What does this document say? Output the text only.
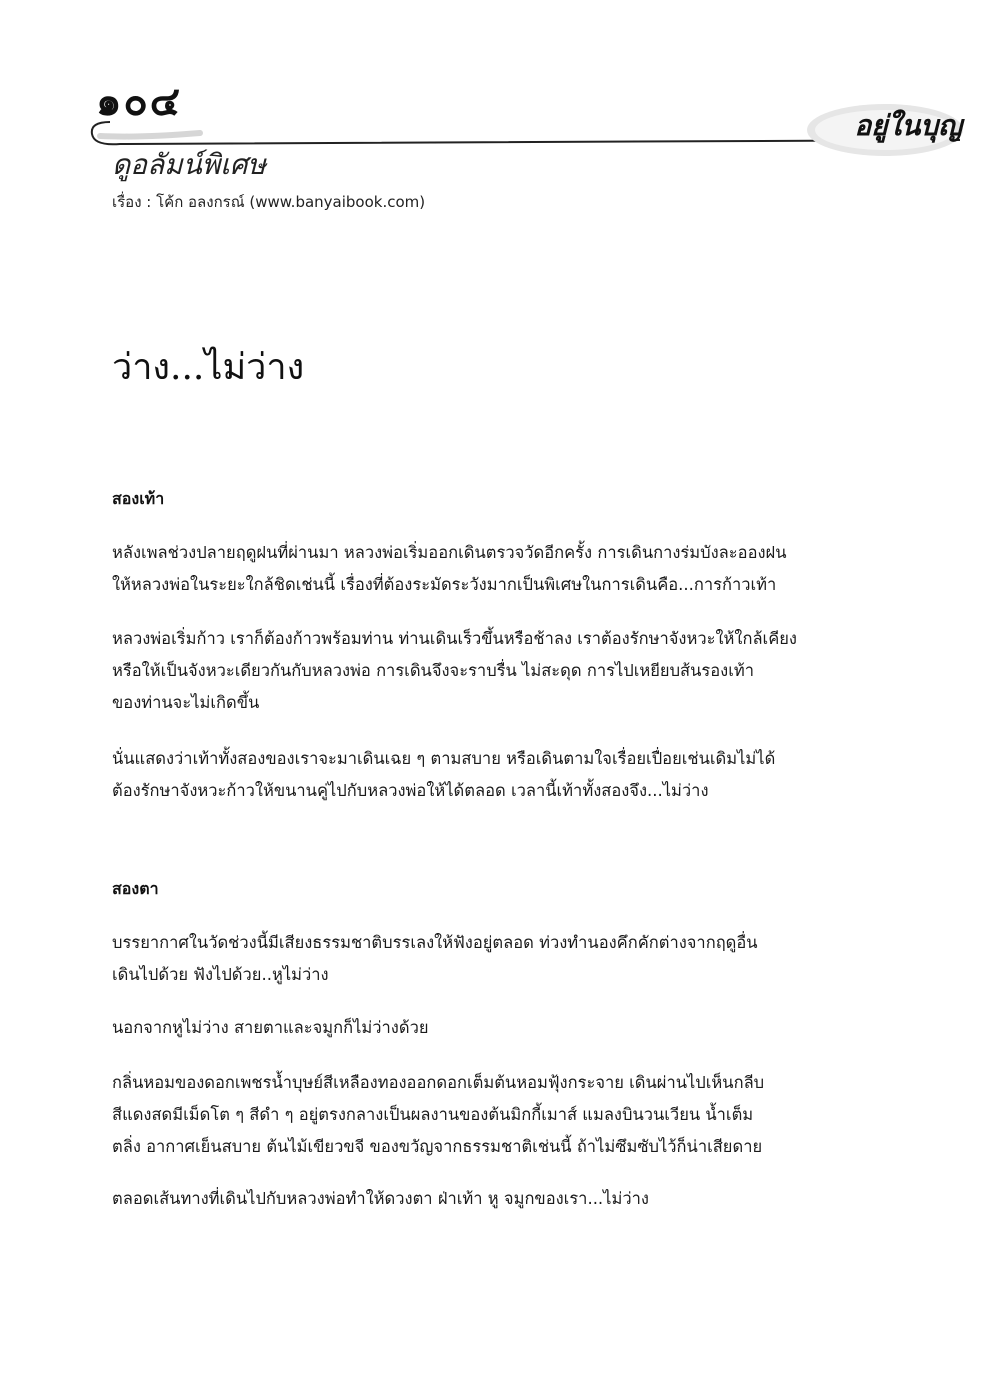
๑๐๔
อยู่ในบุญ
ดูอลัมน์พิเศษ
เรื่อง : โค้ก อลงกรณ์ (www.banyaibook.com)
ว่าง...ไม่ว่าง
สองเท้า
หลังเพลช่วงปลายฤดูฝนที่ผ่านมา หลวงพ่อเริ่มออกเดินตรวจวัดอีกครั้ง การเดินกางร่มบังละอองฝน
ให้หลวงพ่อในระยะใกล้ชิดเช่นนี้ เรื่องที่ต้องระมัดระวังมากเป็นพิเศษในการเดินคือ...การก้าวเท้า
หลวงพ่อเริ่มก้าว เราก็ต้องก้าวพร้อมท่าน ท่านเดินเร็วขึ้นหรือช้าลง เราต้องรักษาจังหวะให้ใกล้เคียง
หรือให้เป็นจังหวะเดียวกันกับหลวงพ่อ การเดินจึงจะราบรื่น ไม่สะดุด การไปเหยียบส้นรองเท้า
ของท่านจะไม่เกิดขึ้น
นั่นแสดงว่าเท้าทั้งสองของเราจะมาเดินเฉย ๆ ตามสบาย หรือเดินตามใจเรื่อยเปื่อยเช่นเดิมไม่ได้
ต้องรักษาจังหวะก้าวให้ขนานคู่ไปกับหลวงพ่อให้ได้ตลอด เวลานี้เท้าทั้งสองจึง...ไม่ว่าง
สองตา
บรรยากาศในวัดช่วงนี้มีเสียงธรรมชาติบรรเลงให้ฟังอยู่ตลอด ท่วงทำนองคึกคักต่างจากฤดูอื่น
เดินไปด้วย ฟังไปด้วย..หูไม่ว่าง
นอกจากหูไม่ว่าง สายตาและจมูกก็ไม่ว่างด้วย
กลิ่นหอมของดอกเพชรน้ำบุษย์สีเหลืองทองออกดอกเต็มต้นหอมฟุ้งกระจาย เดินผ่านไปเห็นกลีบ
สีแดงสดมีเม็ดโต ๆ สีดำ ๆ อยู่ตรงกลางเป็นผลงานของต้นมิกกี้เมาส์ แมลงบินวนเวียน น้ำเต็ม
ตลิ่ง อากาศเย็นสบาย ต้นไม้เขียวขจี ของขวัญจากธรรมชาติเช่นนี้ ถ้าไม่ซึมซับไว้ก็น่าเสียดาย
ตลอดเส้นทางที่เดินไปกับหลวงพ่อทำให้ดวงตา ฝ่าเท้า หู จมูกของเรา...ไม่ว่าง
